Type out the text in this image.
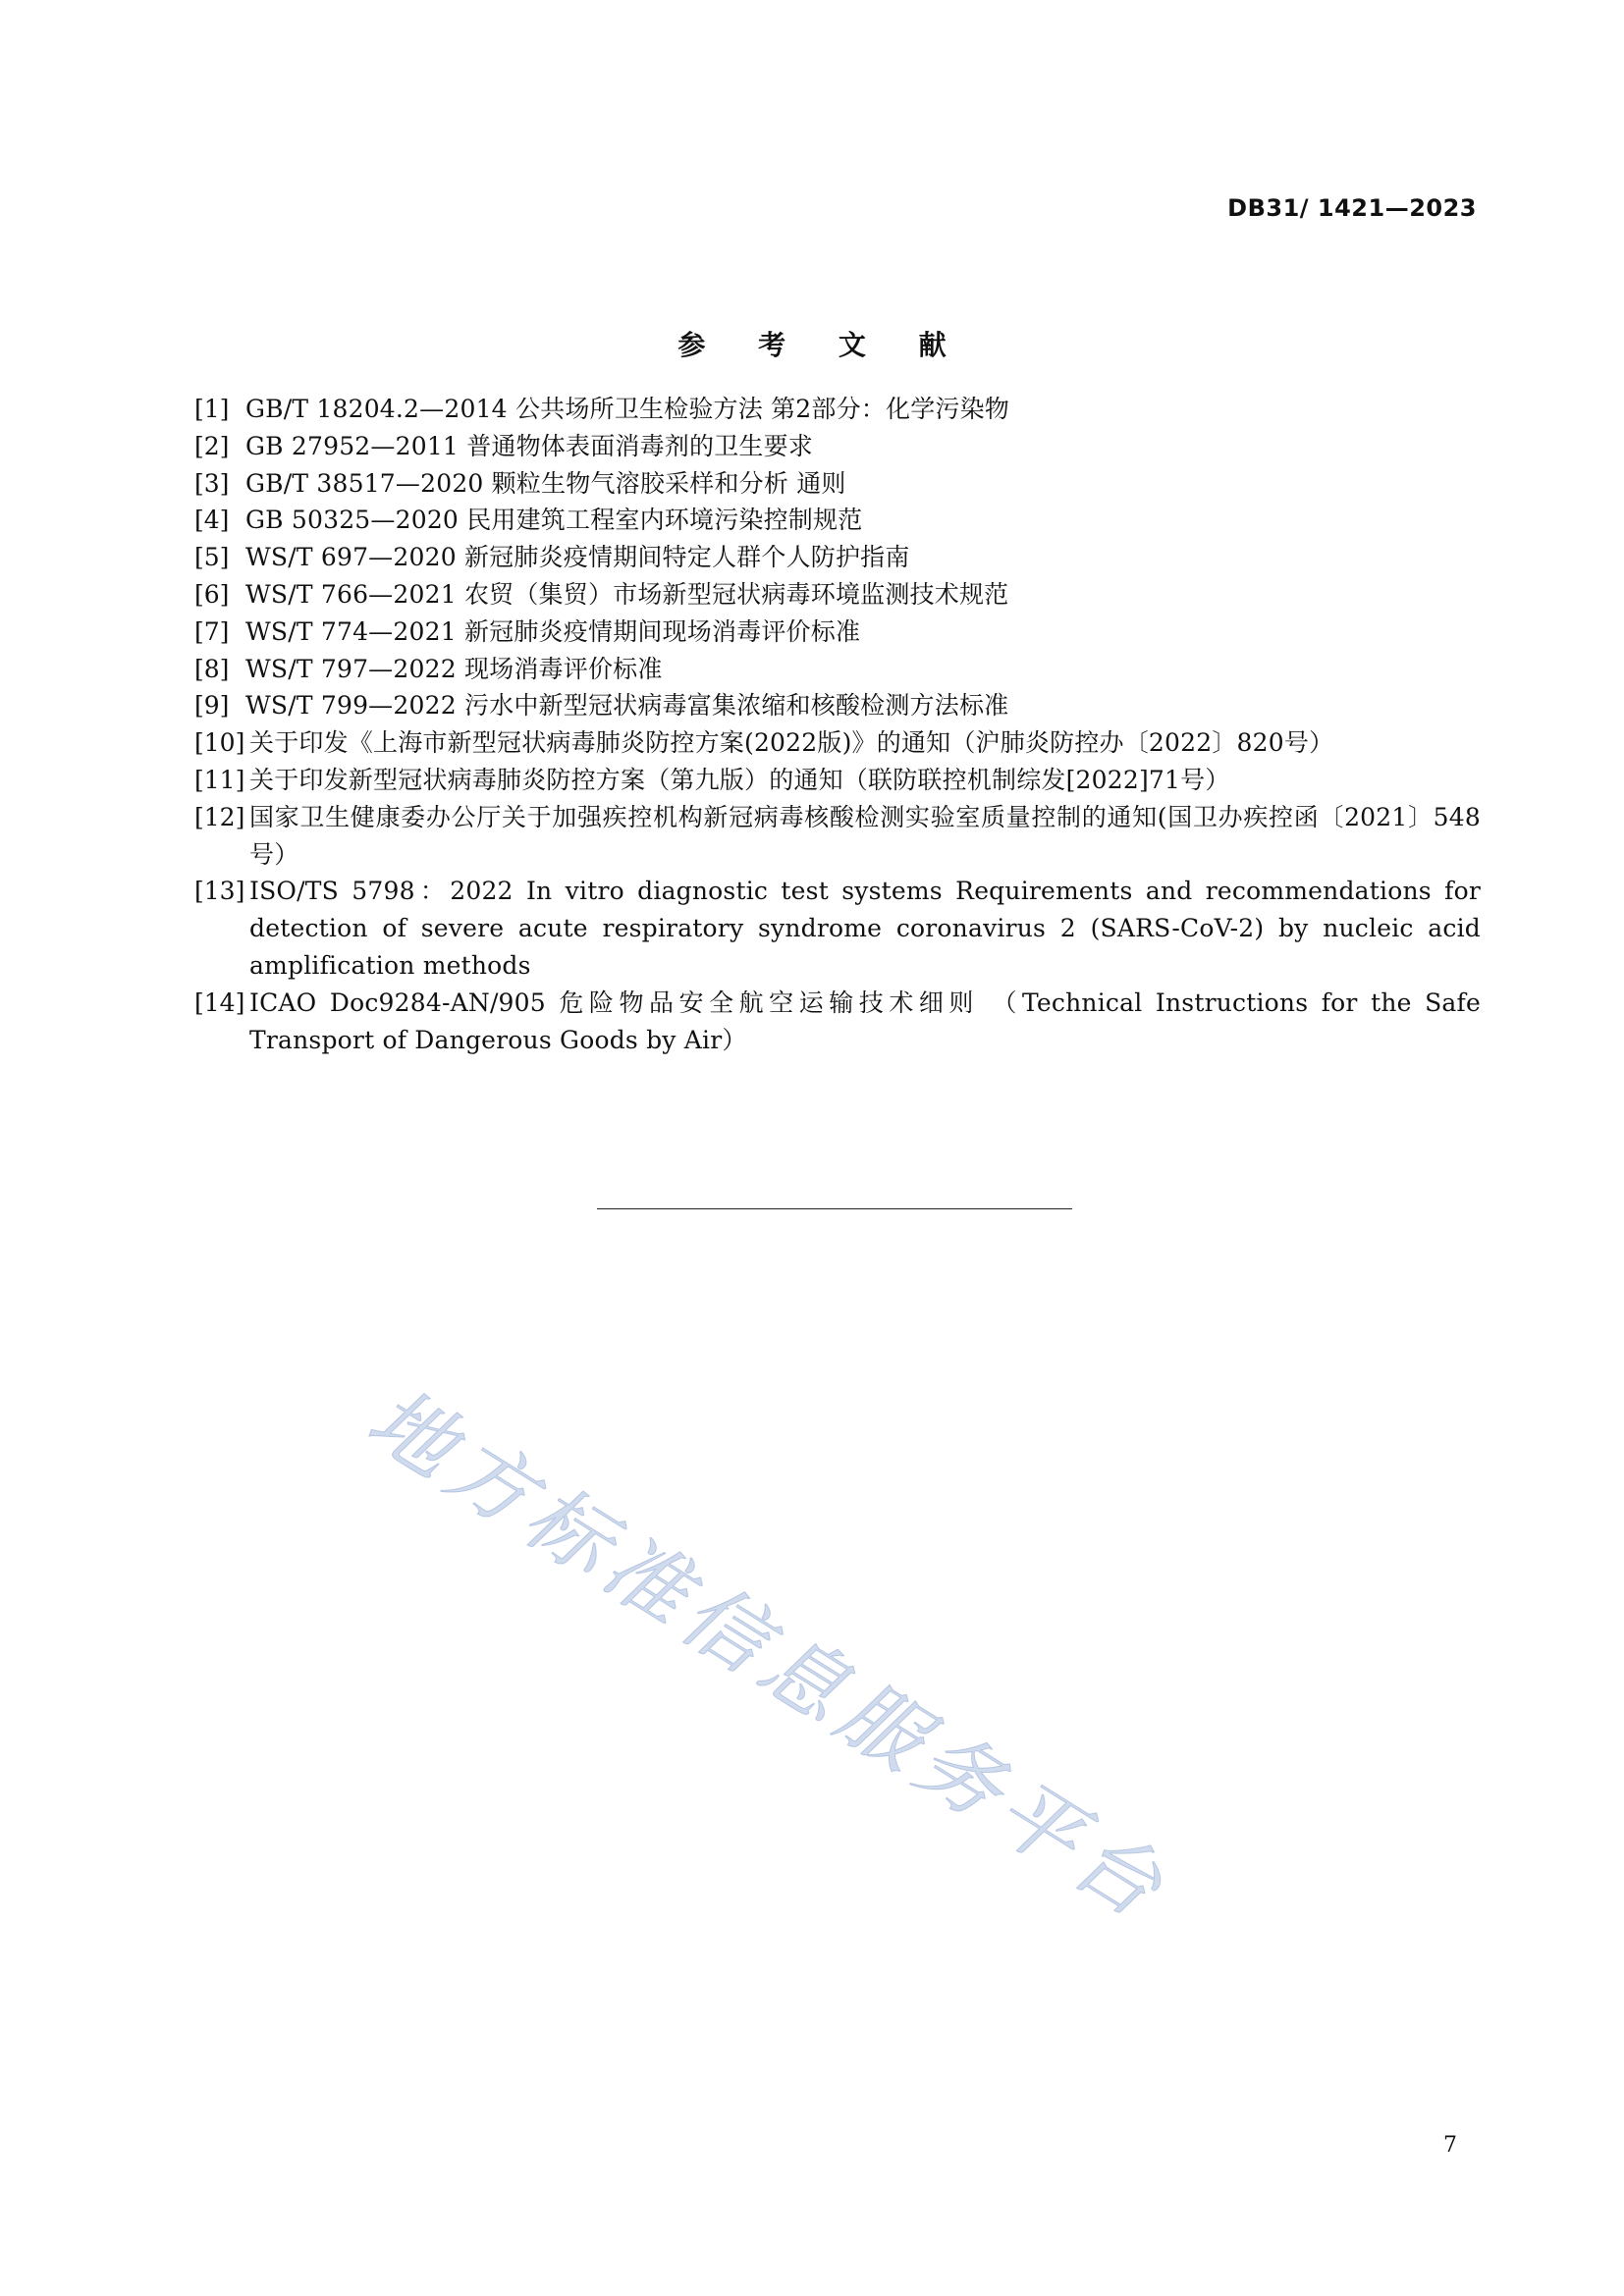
DB31/ 1421—2023
参 考 文 献
[1] GB/T 18204.2—2014 公共场所卫生检验方法 第2部分：化学污染物
[2] GB 27952—2011 普通物体表面消毒剂的卫生要求
[3] GB/T 38517—2020 颗粒生物气溶胶采样和分析 通则
[4] GB 50325—2020 民用建筑工程室内环境污染控制规范
[5] WS/T 697—2020 新冠肺炎疫情期间特定人群个人防护指南
[6] WS/T 766—2021 农贸（集贸）市场新型冠状病毒环境监测技术规范
[7] WS/T 774—2021 新冠肺炎疫情期间现场消毒评价标准
[8] WS/T 797—2022 现场消毒评价标准
[9] WS/T 799—2022 污水中新型冠状病毒富集浓缩和核酸检测方法标准
[10] 关于印发《上海市新型冠状病毒肺炎防控方案(2022版)》的通知（沪肺炎防控办〔2022〕820号）
[11] 关于印发新型冠状病毒肺炎防控方案（第九版）的通知（联防联控机制综发[2022]71号）
[12] 国家卫生健康委办公厅关于加强疾控机构新冠病毒核酸检测实验室质量控制的通知(国卫办疾控函〔2021〕548号）
[13] ISO/TS 5798：2022 In vitro diagnostic test systems Requirements and recommendations for detection of severe acute respiratory syndrome coronavirus 2 (SARS-CoV-2) by nucleic acid amplification methods
[14] ICAO Doc9284-AN/905 危险物品安全航空运输技术细则 （Technical Instructions for the Safe Transport of Dangerous Goods by Air）
地方标准信息服务平台
7
